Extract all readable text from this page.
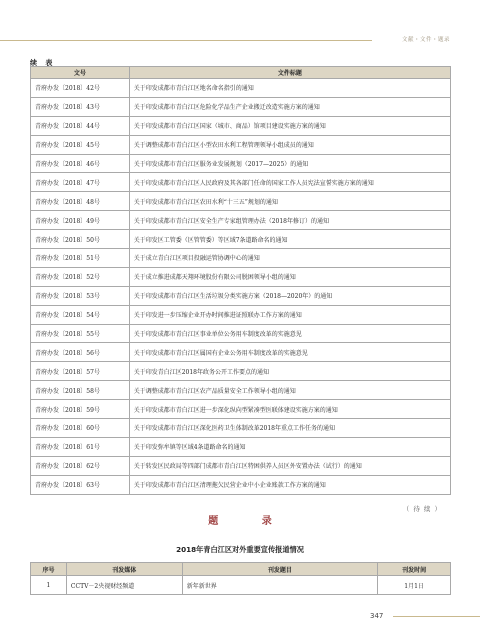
文献・文件・题录
续 表
文号	文件标题
青府办发〔2018〕42号	关于印发成都市青白江区地名命名指引的通知
青府办发〔2018〕43号	关于印发成都市青白江区危险化学品生产企业搬迁改造实施方案的通知
青府办发〔2018〕44号	关于印发成都市青白江区国家（城市、商品）馆项目建设实施方案的通知
青府办发〔2018〕45号	关于调整成都市青白江区小型农田水利工程管理领导小组成员的通知
青府办发〔2018〕46号	关于印发成都市青白江区服务业发展规划（2017—2025）的通知
青府办发〔2018〕47号	关于印发成都市青白江区人民政府及其各部门任命的国家工作人员宪法宣誓实施方案的通知
青府办发〔2018〕48号	关于印发成都市青白江区农田水利“十三五”规划的通知
青府办发〔2018〕49号	关于印发成都市青白江区安全生产专家组管理办法（2018年修订）的通知
青府办发〔2018〕50号	关于印发区工管委（区管管委）等区域7条道路命名的通知
青府办发〔2018〕51号	关于成立青白江区项目投融运管协调中心的通知
青府办发〔2018〕52号	关于成立推进成都天翔环境股份有限公司脱困领导小组的通知
青府办发〔2018〕53号	关于印发成都市青白江区生活垃圾分类实施方案（2018—2020年）的通知
青府办发〔2018〕54号	关于印发进一步压缩企业开办时间推进证照联办工作方案的通知
青府办发〔2018〕55号	关于印发成都市青白江区事业单位公务用车制度改革的实施意见
青府办发〔2018〕56号	关于印发成都市青白江区属国有企业公务用车制度改革的实施意见
青府办发〔2018〕57号	关于印发青白江区2018年政务公开工作要点的通知
青府办发〔2018〕58号	关于调整成都市青白江区农产品质量安全工作领导小组的通知
青府办发〔2018〕59号	关于印发成都市青白江区进一步深化纵向型紧凑型医联体建设实施方案的通知
青府办发〔2018〕60号	关于印发成都市青白江区深化医药卫生体制改革2018年重点工作任务的通知
青府办发〔2018〕61号	关于印发弥牟镇等区域4条道路命名的通知
青府办发〔2018〕62号	关于转发区民政局等四部门成都市青白江区特困供养人员区外安置办法（试行）的通知
青府办发〔2018〕63号	关于印发成都市青白江区清理拖欠民营企业中小企业账款工作方案的通知
（ 待 续 ）
题 录
2018年青白江区对外重要宣传报道情况
序号	刊发媒体	刊发题目	刊发时间
1	CCTV－2央视财经频道	新年新世界	1月1日
347
